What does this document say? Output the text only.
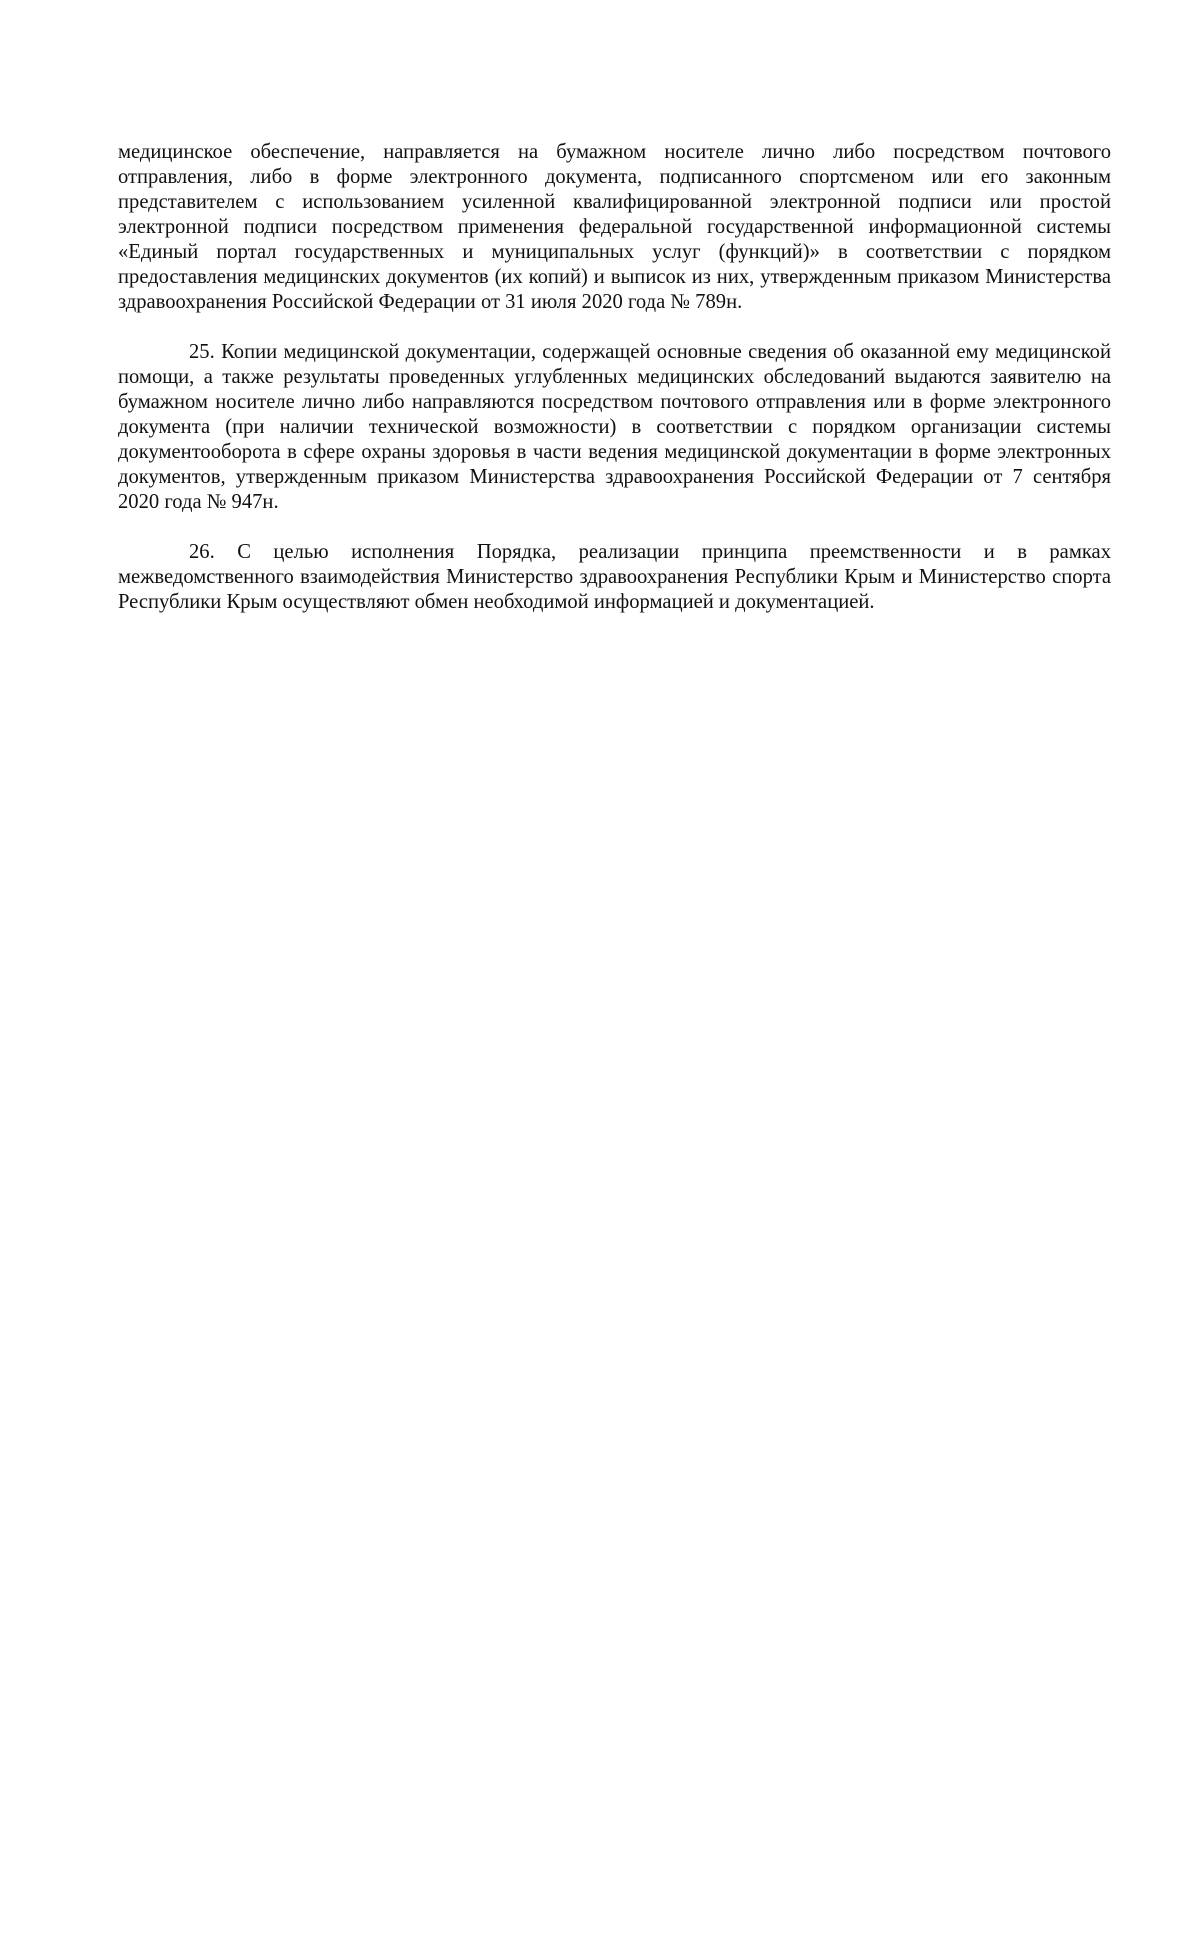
медицинское обеспечение, направляется на бумажном носителе лично либо посредством почтового отправления, либо в форме электронного документа, подписанного спортсменом или его законным представителем с использованием усиленной квалифицированной электронной подписи или простой электронной подписи посредством применения федеральной государственной информационной системы «Единый портал государственных и муниципальных услуг (функций)» в соответствии с порядком предоставления медицинских документов (их копий) и выписок из них, утвержденным приказом Министерства здравоохранения Российской Федерации от 31 июля 2020 года № 789н.

25. Копии медицинской документации, содержащей основные сведения об оказанной ему медицинской помощи, а также результаты проведенных углубленных медицинских обследований выдаются заявителю на бумажном носителе лично либо направляются посредством почтового отправления или в форме электронного документа (при наличии технической возможности) в соответствии с порядком организации системы документооборота в сфере охраны здоровья в части ведения медицинской документации в форме электронных документов, утвержденным приказом Министерства здравоохранения Российской Федерации от 7 сентября 2020 года № 947н.

26. С целью исполнения Порядка, реализации принципа преемственности и в рамках межведомственного взаимодействия Министерство здравоохранения Республики Крым и Министерство спорта Республики Крым осуществляют обмен необходимой информацией и документацией.
